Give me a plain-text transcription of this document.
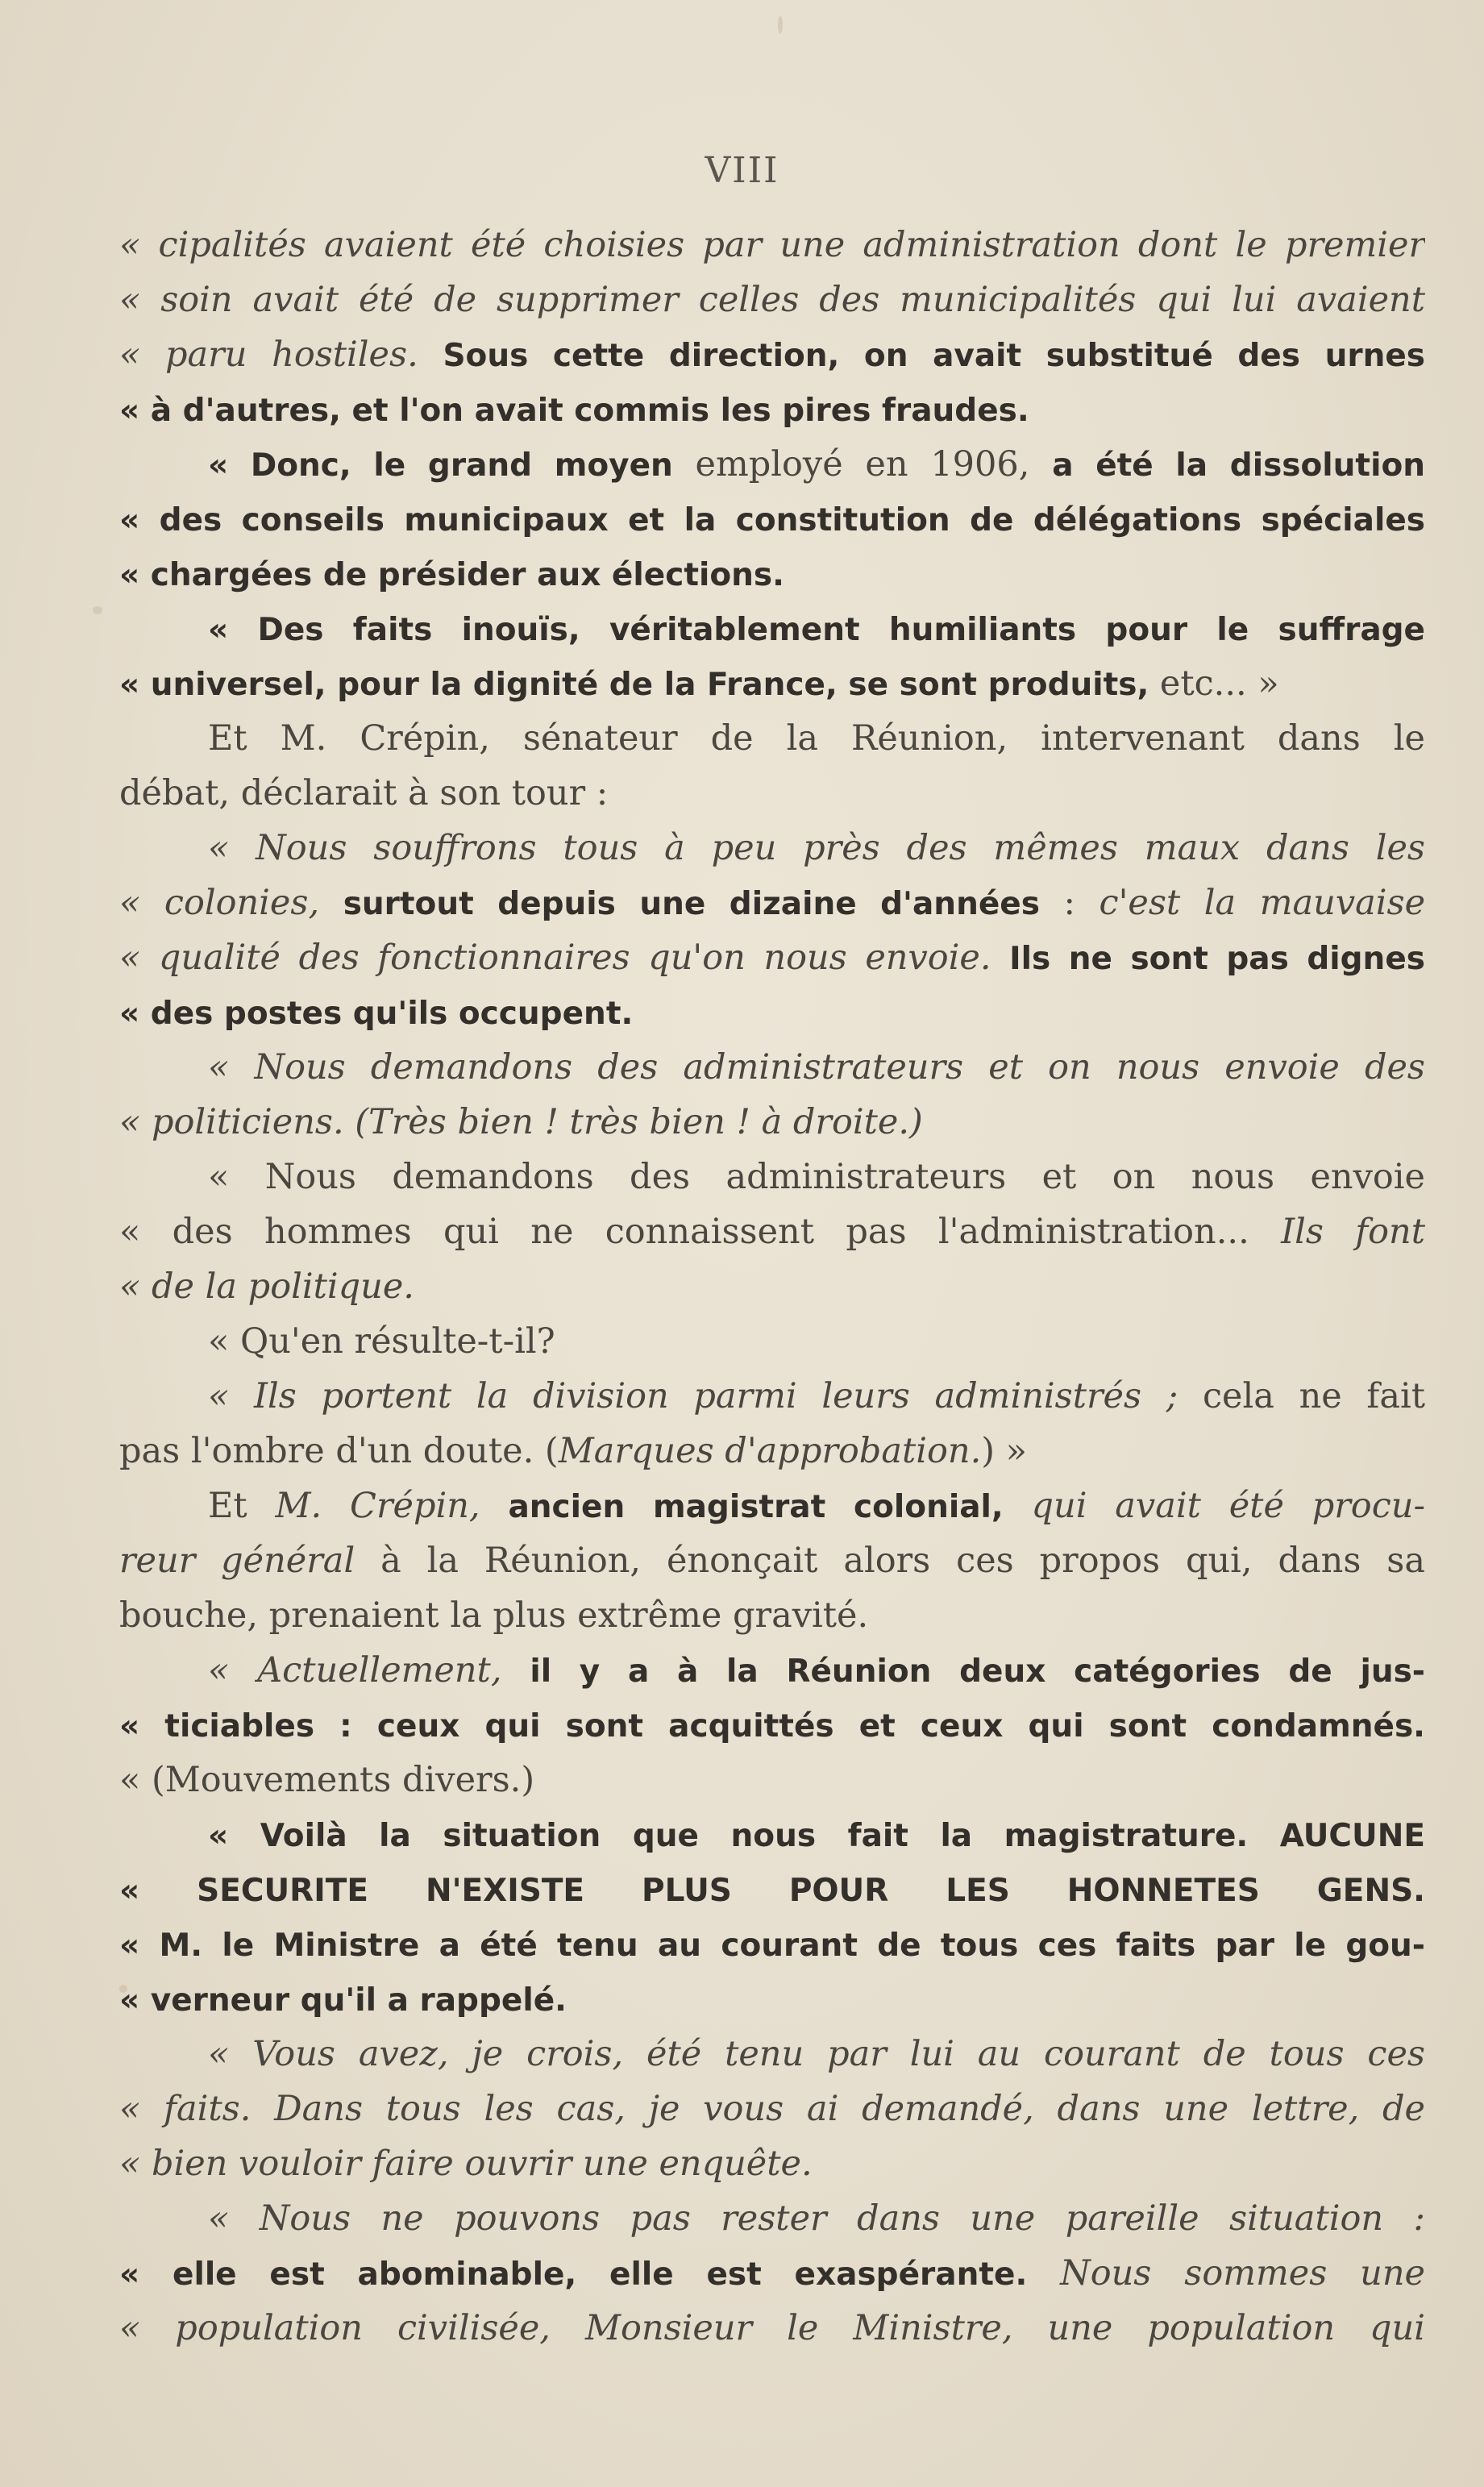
VIII
« cipalités avaient été choisies par une administration dont le premier
« soin avait été de supprimer celles des municipalités qui lui avaient
« paru hostiles. Sous cette direction, on avait substitué des urnes
« à d'autres, et l'on avait commis les pires fraudes.
« Donc, le grand moyen employé en 1906, a été la dissolution
« des conseils municipaux et la constitution de délégations spéciales
« chargées de présider aux élections.
« Des faits inouïs, véritablement humiliants pour le suffrage
« universel, pour la dignité de la France, se sont produits, etc... »
Et M. Crépin, sénateur de la Réunion, intervenant dans le
débat, déclarait à son tour :
« Nous souffrons tous à peu près des mêmes maux dans les
« colonies, surtout depuis une dizaine d'années : c'est la mauvaise
« qualité des fonctionnaires qu'on nous envoie. Ils ne sont pas dignes
« des postes qu'ils occupent.
« Nous demandons des administrateurs et on nous envoie des
« politiciens. (Très bien ! très bien ! à droite.)
« Nous demandons des administrateurs et on nous envoie
« des hommes qui ne connaissent pas l'administration... Ils font
« de la politique.
« Qu'en résulte-t-il?
« Ils portent la division parmi leurs administrés ; cela ne fait
pas l'ombre d'un doute. (Marques d'approbation.) »
Et M. Crépin, ancien magistrat colonial, qui avait été procu-
reur général à la Réunion, énonçait alors ces propos qui, dans sa
bouche, prenaient la plus extrême gravité.
« Actuellement, il y a à la Réunion deux catégories de jus-
« ticiables : ceux qui sont acquittés et ceux qui sont condamnés.
« (Mouvements divers.)
« Voilà la situation que nous fait la magistrature. AUCUNE
« SECURITE N'EXISTE PLUS POUR LES HONNETES GENS.
« M. le Ministre a été tenu au courant de tous ces faits par le gou-
« verneur qu'il a rappelé.
« Vous avez, je crois, été tenu par lui au courant de tous ces
« faits. Dans tous les cas, je vous ai demandé, dans une lettre, de
« bien vouloir faire ouvrir une enquête.
« Nous ne pouvons pas rester dans une pareille situation :
« elle est abominable, elle est exaspérante. Nous sommes une
« population civilisée, Monsieur le Ministre, une population qui
